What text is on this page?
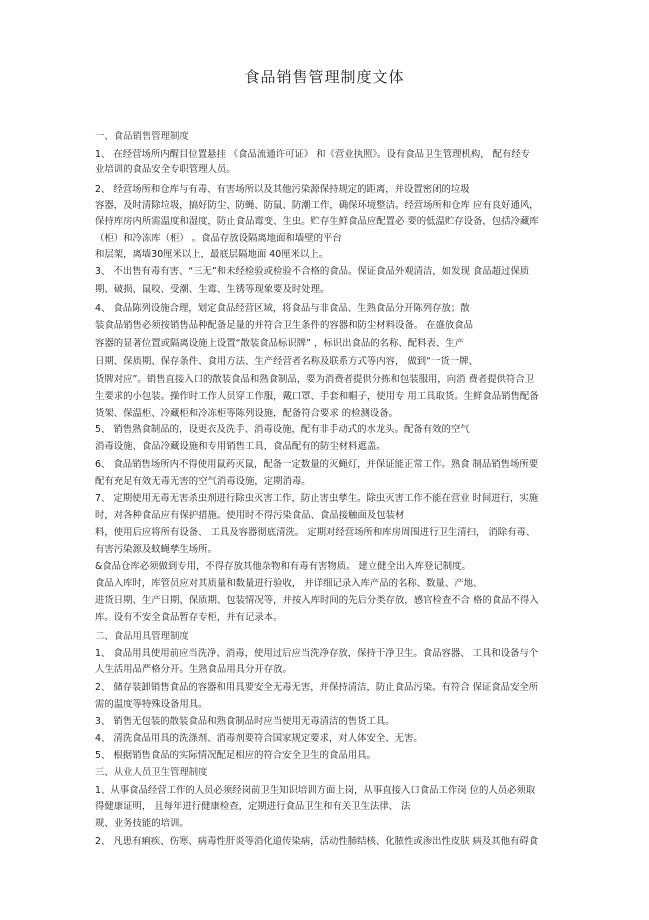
食品销售管理制度文体
一、食品销售管理制度
1、 在经营场所内醒目位置悬挂 《食品流通许可证》 和《营业执照》。设有食品卫生管理机构， 配有经专
业培训的食品安全专职管理人员。
2、 经营场所和仓库与有毒、有害场所以及其他污染源保持规定的距离，并设置密闭的垃圾
容器，及时清除垃圾，搞好防尘、防蝇、防鼠、防潮工作，确保环境整洁。经营场所和仓库 应有良好通风，
保持库房内所需温度和湿度，防止食品霉变、生虫。贮存生鲜食品应配置必 要的低温贮存设备，包括冷藏库
（柜）和冷冻库（柜） 。食品存放设隔离地面和墙壁的平台
和层架，离墙30厘米以上，最底层隔地面 40厘米以上。
3、 不出售有毒有害、“三无”和未经检验或检验不合格的食品。保证食品外观清洁，如发现 食品超过保质
期、破损、鼠咬、受潮、生霉、生锈等现象要及时处理。
4、 食品陈列设施合理，划定食品经营区域，将食品与非食品、生熟食品分开陈列存放；散
装食品销售必须按销售品种配备足量的并符合卫生条件的容器和防尘材料设备。 在盛放食品
容器的显著位置或隔离设施上设置“散装食品标识牌” ，标识出食品的名称、配料表、生产
日期、保质期、保存条件、食用方法、生产经营者名称及联系方式等内容， 做到“一货一牌、
货牌对应”。销售直接入口的散装食品和熟食制品，要为消费者提供分拣和包装服用，向消 费者提供符合卫
生要求的小包装。操作时工作人员穿工作服，戴口罩、手套和帽子，使用专 用工具取货。生鲜食品销售配备
货架、保温柜、冷藏柜和冷冻柜等陈列设施，配备符合要求 的检测设备。
5、 销售熟食制品的，设更衣及洗手、消毒设施，配有非手动式的水龙头。配备有效的空气
消毒设施、食品冷藏设施和专用销售工具，食品配有的防尘材料遮盖。
6、 食品销售场所内不得使用鼠药灭鼠，配备一定数量的灭蝇灯，并保证能正常工作。熟食 制品销售场所要
配有充足有效无毒无害的空气消毒设施，定期消毒。
7、 定期使用无毒无害杀虫剂进行除虫灭害工作，防止害虫孳生。除虫灭害工作不能在营业 时间进行，实施
时，对各种食品应有保护措施。使用时不得污染食品、食品接触面及包装材
料，使用后应将所有设备、 工具及容器彻底清洗。 定期对经营场所和库房周围进行卫生清扫， 消除有毒、
有害污染源及蚊蝇孳生场所。
&食品仓库必须做到专用，不得存放其他杂物和有毒有害物质。 建立健全出入库登记制度。
食品入库时，库管员应对其质量和数量进行验收， 并详细记录入库产品的名称、数量、产地、
进货日期、生产日期、保质期、包装情况等，并按入库时间的先后分类存放，感官检查不合 格的食品不得入
库。设有不安全食品暂存专柜，并有记录本。
二、食品用具管理制度
1、 食品用具使用前应当洗净、消毒，使用过后应当洗净存放，保持干净卫生。食品容器、 工具和设备与个
人生活用品严格分开。生熟食品用具分开存放。
2、 储存装卸销售食品的容器和用具要安全无毒无害，并保持清洁，防止食品污染。有符合 保证食品安全所
需的温度等特殊设备用具。
3、 销售无包装的散装食品和熟食制品时应当使用无毒清洁的售货工具。
4、 清洗食品用具的洗涤剂、消毒剂要符合国家规定要求，对人体安全、无害。
5、 根据销售食品的实际情况配足相应的符合安全卫生的食品用具。
三、从业人员卫生管理制度
1、从事食品经营工作的人员必须经岗前卫生知识培训方面上岗，从事直接入口食品工作岗 位的人员必须取
得健康证明， 且每年进行健康检查，定期进行食品卫生和有关卫生法律、 法
规、业务技能的培训。
2、 凡患有痢疾、伤寒、病毒性肝炎等消化道传染病，活动性肺结核、化脓性或渗出性皮肤 病及其他有碍食
